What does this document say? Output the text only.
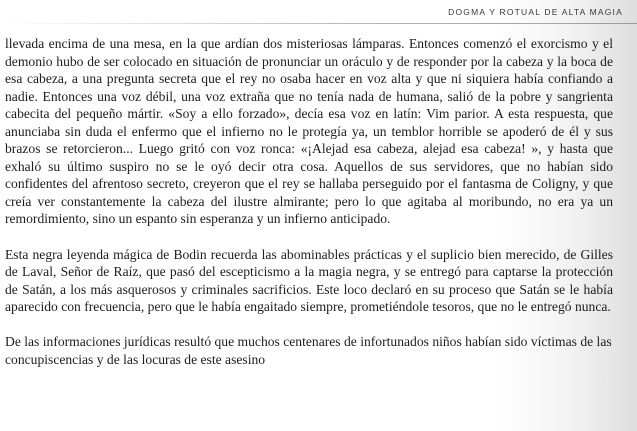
DOGMA Y ROTUAL DE ALTA MAGIA

llevada encima de una mesa, en la que ardían dos misteriosas lámparas. Entonces comenzó el exorcismo y el demonio hubo de ser colocado en situación de pronunciar un oráculo y de responder por la cabeza y la boca de esa cabeza, a una pregunta secreta que el rey no osaba hacer en voz alta y que ni siquiera había confiando a nadie. Entonces una voz débil, una voz extraña que no tenía nada de humana, salió de la pobre y sangrienta cabecita del pequeño mártir. «Soy a ello forzado», decía esa voz en latín: Vim parior. A esta respuesta, que anunciaba sin duda el enfermo que el infierno no le protegía ya, un temblor horrible se apoderó de él y sus brazos se retorcieron... Luego gritó con voz ronca: «¡Alejad esa cabeza, alejad esa cabeza! », y hasta que exhaló su último suspiro no se le oyó decir otra cosa. Aquellos de sus servidores, que no habían sido confidentes del afrentoso secreto, creyeron que el rey se hallaba perseguido por el fantasma de Coligny, y que creía ver constantemente la cabeza del ilustre almirante; pero lo que agitaba al moribundo, no era ya un remordimiento, sino un espanto sin esperanza y un infierno anticipado.

Esta negra leyenda mágica de Bodin recuerda las abominables prácticas y el suplicio bien merecido, de Gilles de Laval, Señor de Raíz, que pasó del escepticismo a la magia negra, y se entregó para captarse la protección de Satán, a los más asquerosos y criminales sacrificios. Este loco declaró en su proceso que Satán se le había aparecido con frecuencia, pero que le había engaitado siempre, prometiéndole tesoros, que no le entregó nunca.

De las informaciones jurídicas resultó que muchos centenares de infortunados niños habían sido víctimas de las concupiscencias y de las locuras de este asesino
